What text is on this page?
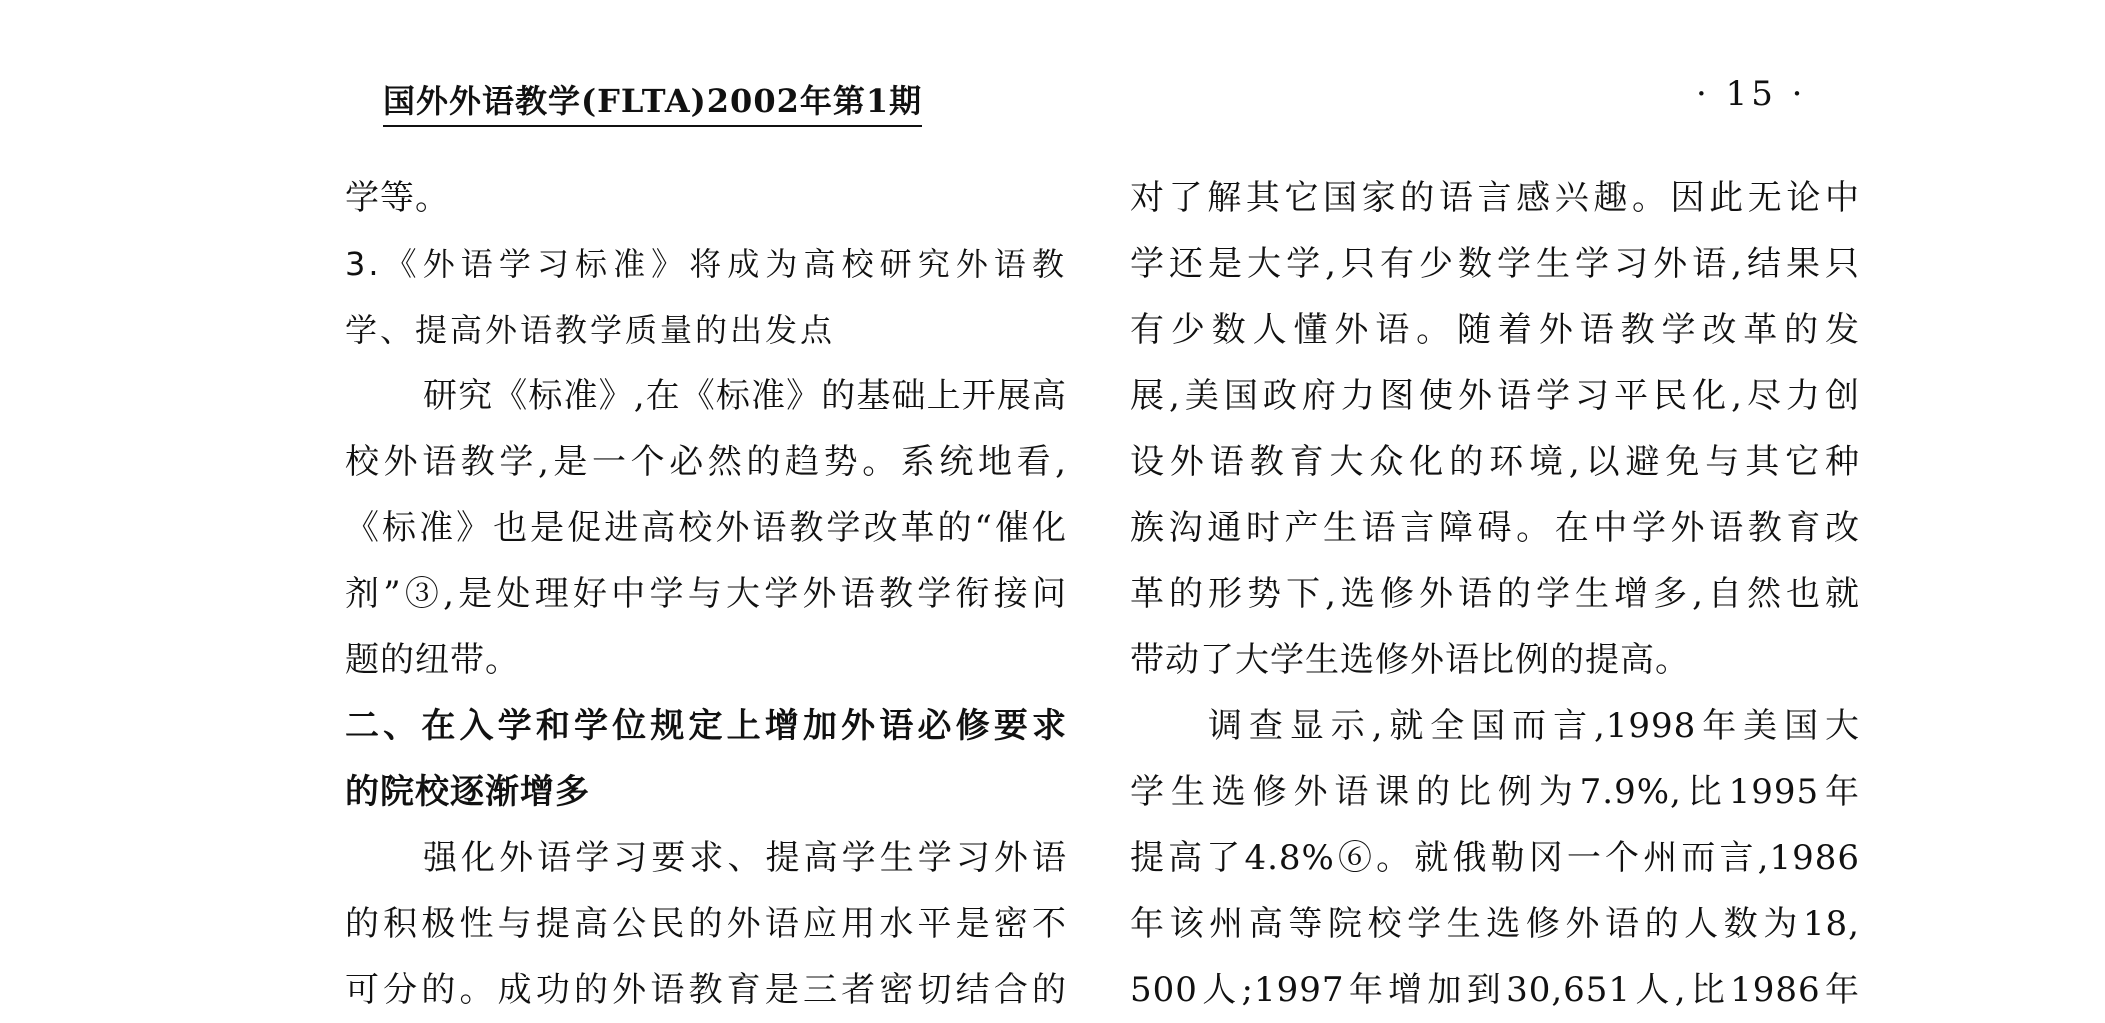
国外外语教学(FLTA)2002年第1期	· 15 ·
学等。
3.《外语学习标准》将成为高校研究外语教
学、提高外语教学质量的出发点
研究《标准》,在《标准》的基础上开展高
校外语教学,是一个必然的趋势。系统地看,
《标准》也是促进高校外语教学改革的“催化
剂”③,是处理好中学与大学外语教学衔接问
题的纽带。
二、在入学和学位规定上增加外语必修要求
的院校逐渐增多
强化外语学习要求、提高学生学习外语
的积极性与提高公民的外语应用水平是密不
可分的。成功的外语教育是三者密切结合的
对了解其它国家的语言感兴趣。因此无论中
学还是大学,只有少数学生学习外语,结果只
有少数人懂外语。随着外语教学改革的发
展,美国政府力图使外语学习平民化,尽力创
设外语教育大众化的环境,以避免与其它种
族沟通时产生语言障碍。在中学外语教育改
革的形势下,选修外语的学生增多,自然也就
带动了大学生选修外语比例的提高。
调查显示,就全国而言,1998年美国大
学生选修外语课的比例为7.9%,比1995年
提高了4.8%⑥。就俄勒冈一个州而言,1986
年该州高等院校学生选修外语的人数为18,
500人;1997年增加到30,651人,比1986年
